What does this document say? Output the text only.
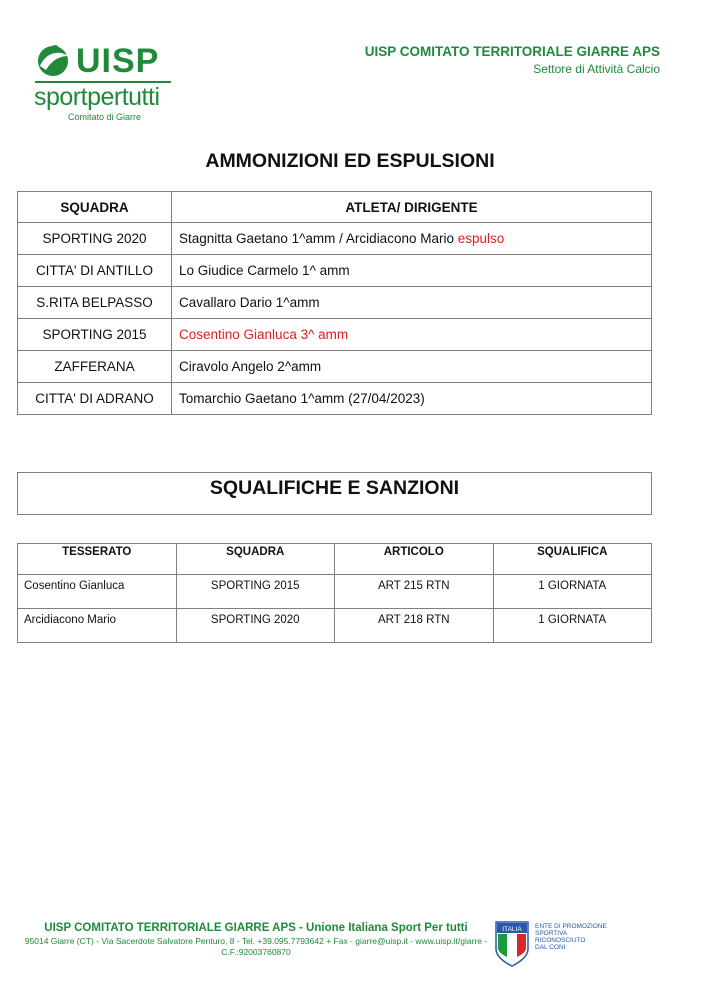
UISP
sportpertutti
Comitato di Giarre
UISP COMITATO TERRITORIALE GIARRE APS
Settore di Attività Calcio
AMMONIZIONI ED ESPULSIONI
SQUADRA	ATLETA/ DIRIGENTE
SPORTING 2020	Stagnitta Gaetano 1^amm / Arcidiacono Mario espulso
CITTA' DI ANTILLO	Lo Giudice Carmelo 1^ amm
S.RITA BELPASSO	Cavallaro Dario 1^amm
SPORTING 2015	Cosentino Gianluca 3^ amm
ZAFFERANA	Ciravolo Angelo 2^amm
CITTA' DI ADRANO	Tomarchio Gaetano 1^amm (27/04/2023)
SQUALIFICHE E SANZIONI
TESSERATO	SQUADRA	ARTICOLO	SQUALIFICA
Cosentino Gianluca	SPORTING 2015	ART 215 RTN	1 GIORNATA
Arcidiacono Mario	SPORTING 2020	ART 218 RTN	1 GIORNATA
UISP COMITATO TERRITORIALE GIARRE APS - Unione Italiana Sport Per tutti
95014 Giarre (CT) - Via Sacerdote Salvatore Penturo, 8 - Tel. +39.095.7793642 + Fax - giarre@uisp.it - www.uisp.it/giarre -
C.F.:92003760870
ITALIA ENTE DI PROMOZIONE
SPORTIVA
RICONOSCIUTO
DAL CONI
